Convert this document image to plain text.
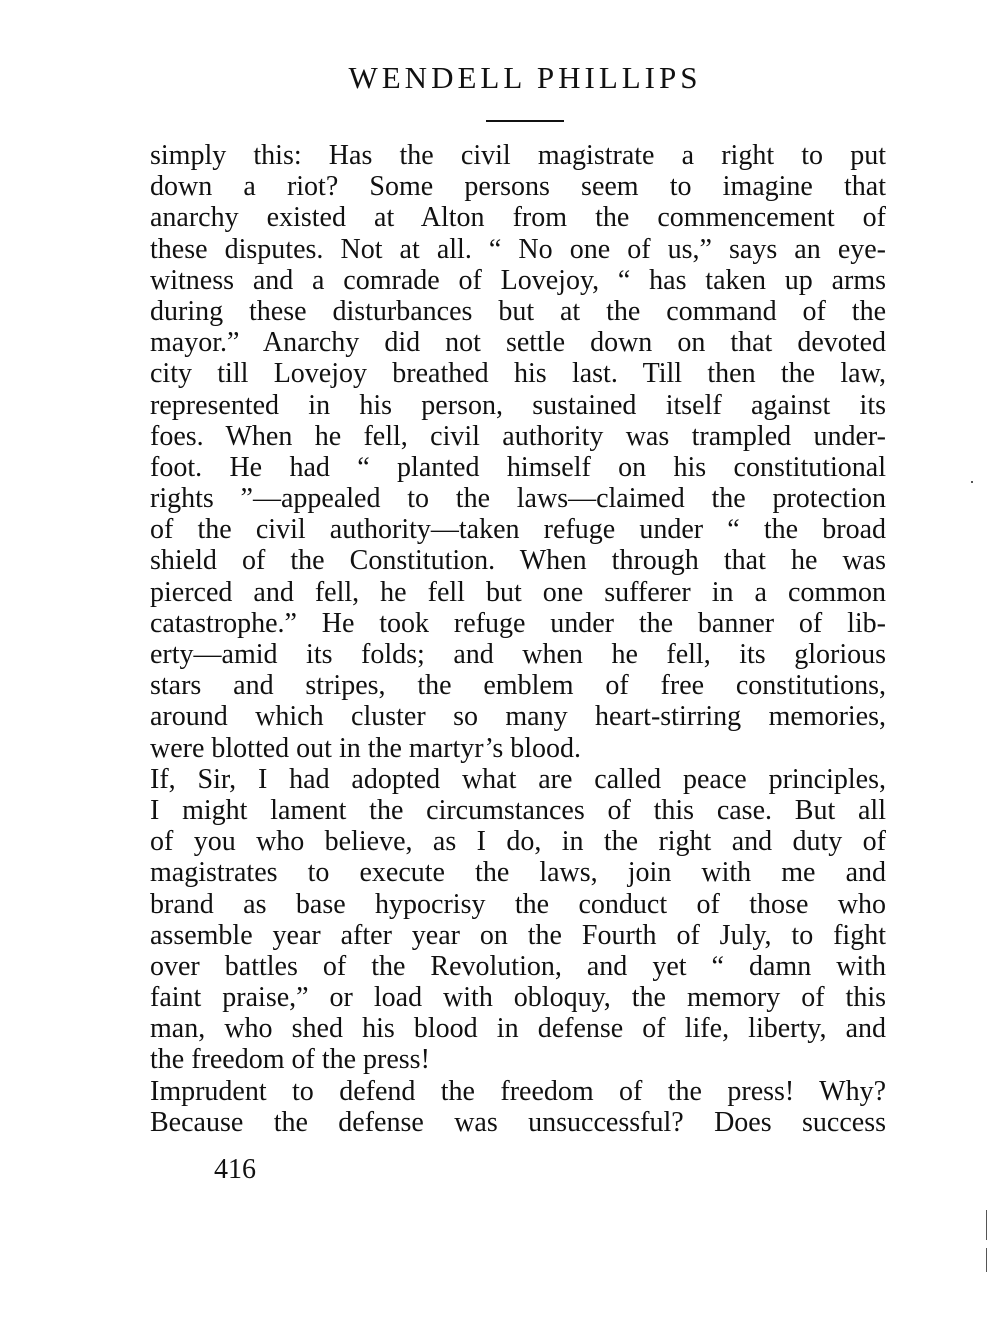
WENDELL PHILLIPS
simply this: Has the civil magistrate a right to put
down a riot? Some persons seem to imagine that
anarchy existed at Alton from the commencement of
these disputes. Not at all. “ No one of us,” says an eye-
witness and a comrade of Lovejoy, “ has taken up arms
during these disturbances but at the command of the
mayor.” Anarchy did not settle down on that devoted
city till Lovejoy breathed his last. Till then the law,
represented in his person, sustained itself against its
foes. When he fell, civil authority was trampled under-
foot. He had “ planted himself on his constitutional
rights ”—appealed to the laws—claimed the protection
of the civil authority—taken refuge under “ the broad
shield of the Constitution. When through that he was
pierced and fell, he fell but one sufferer in a common
catastrophe.” He took refuge under the banner of lib-
erty—amid its folds; and when he fell, its glorious
stars and stripes, the emblem of free constitutions,
around which cluster so many heart-stirring memories,
were blotted out in the martyr’s blood.
If, Sir, I had adopted what are called peace principles,
I might lament the circumstances of this case. But all
of you who believe, as I do, in the right and duty of
magistrates to execute the laws, join with me and
brand as base hypocrisy the conduct of those who
assemble year after year on the Fourth of July, to fight
over battles of the Revolution, and yet “ damn with
faint praise,” or load with obloquy, the memory of this
man, who shed his blood in defense of life, liberty, and
the freedom of the press!
Imprudent to defend the freedom of the press! Why?
Because the defense was unsuccessful? Does success
416
